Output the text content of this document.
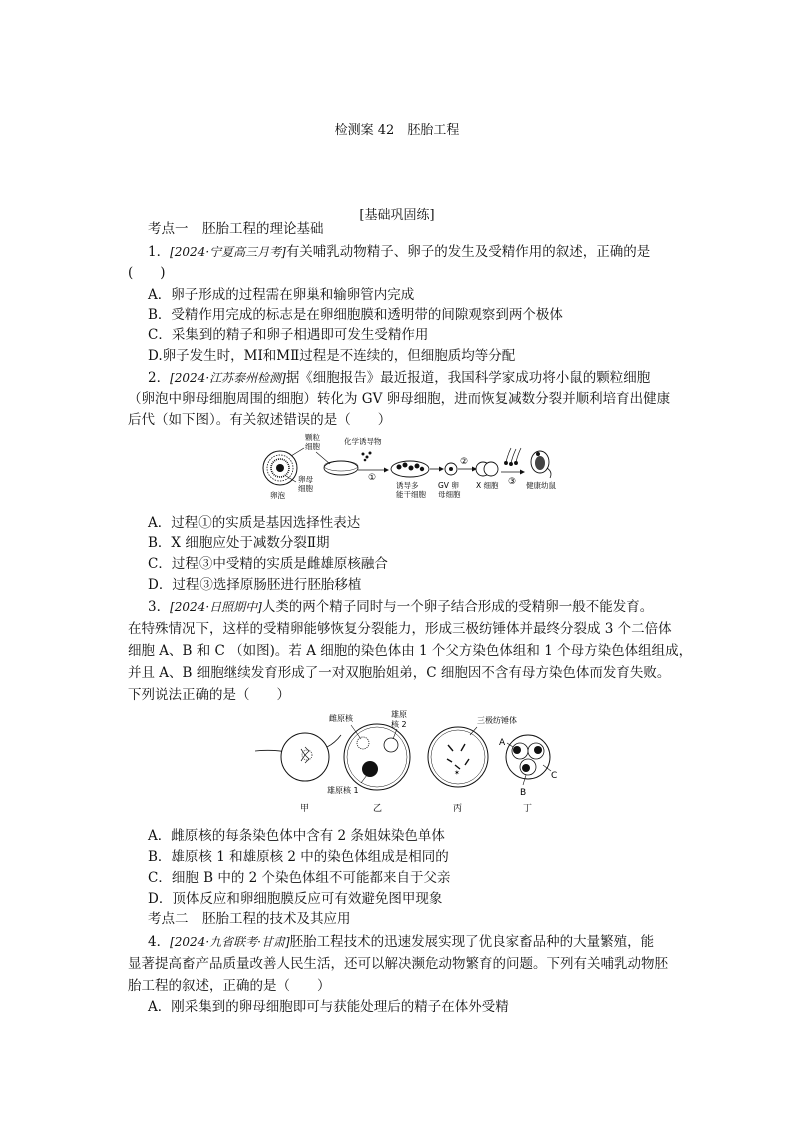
检测案 42　胚胎工程
[基础巩固练]
考点一　胚胎工程的理论基础
1．[2024·宁夏高三月考]有关哺乳动物精子、卵子的发生及受精作用的叙述，正确的是
(　　)
A．卵子形成的过程需在卵巢和输卵管内完成
B．受精作用完成的标志是在卵细胞膜和透明带的间隙观察到两个极体
C．采集到的精子和卵子相遇即可发生受精作用
D.卵子发生时，MⅠ和MⅡ过程是不连续的，但细胞质均等分配
2．[2024·江苏泰州检测]据《细胞报告》最近报道，我国科学家成功将小鼠的颗粒细胞
（卵泡中卵母细胞周围的细胞）转化为 GV 卵母细胞，进而恢复减数分裂并顺利培育出健康
后代（如下图）。有关叙述错误的是（　　）
颗粒
细胞
卵母
细胞
卵泡
化学诱导物
①
诱导多
能干细胞
GV 卵
母细胞
②
X 细胞 ③ 健康幼鼠
A．过程①的实质是基因选择性表达
B．X 细胞应处于减数分裂Ⅱ期
C．过程③中受精的实质是雌雄原核融合
D．过程③选择原肠胚进行胚胎移植
3．[2024·日照期中]人类的两个精子同时与一个卵子结合形成的受精卵一般不能发育。
在特殊情况下，这样的受精卵能够恢复分裂能力，形成三极纺锤体并最终分裂成 3 个二倍体
细胞 A、B 和 C （如图)。若 A 细胞的染色体由 1 个父方染色体组和 1 个母方染色体组组成，
并且 A、B 细胞继续发育形成了一对双胞胎姐弟，C 细胞因不含有母方染色体而发育失败。
下列说法正确的是（　　）
甲
雌原核	雄原
核 2
雄原核 1
乙
✶
三极纺锤体
丙
A
B
C
丁
A．雌原核的每条染色体中含有 2 条姐妹染色单体
B．雄原核 1 和雄原核 2 中的染色体组成是相同的
C．细胞 B 中的 2 个染色体组不可能都来自于父亲
D．顶体反应和卵细胞膜反应可有效避免图甲现象
考点二　胚胎工程的技术及其应用
4．[2024·九省联考·甘肃]胚胎工程技术的迅速发展实现了优良家畜品种的大量繁殖，能
显著提高畜产品质量改善人民生活，还可以解决濒危动物繁育的问题。下列有关哺乳动物胚
胎工程的叙述，正确的是（　　）
A．刚采集到的卵母细胞即可与获能处理后的精子在体外受精
